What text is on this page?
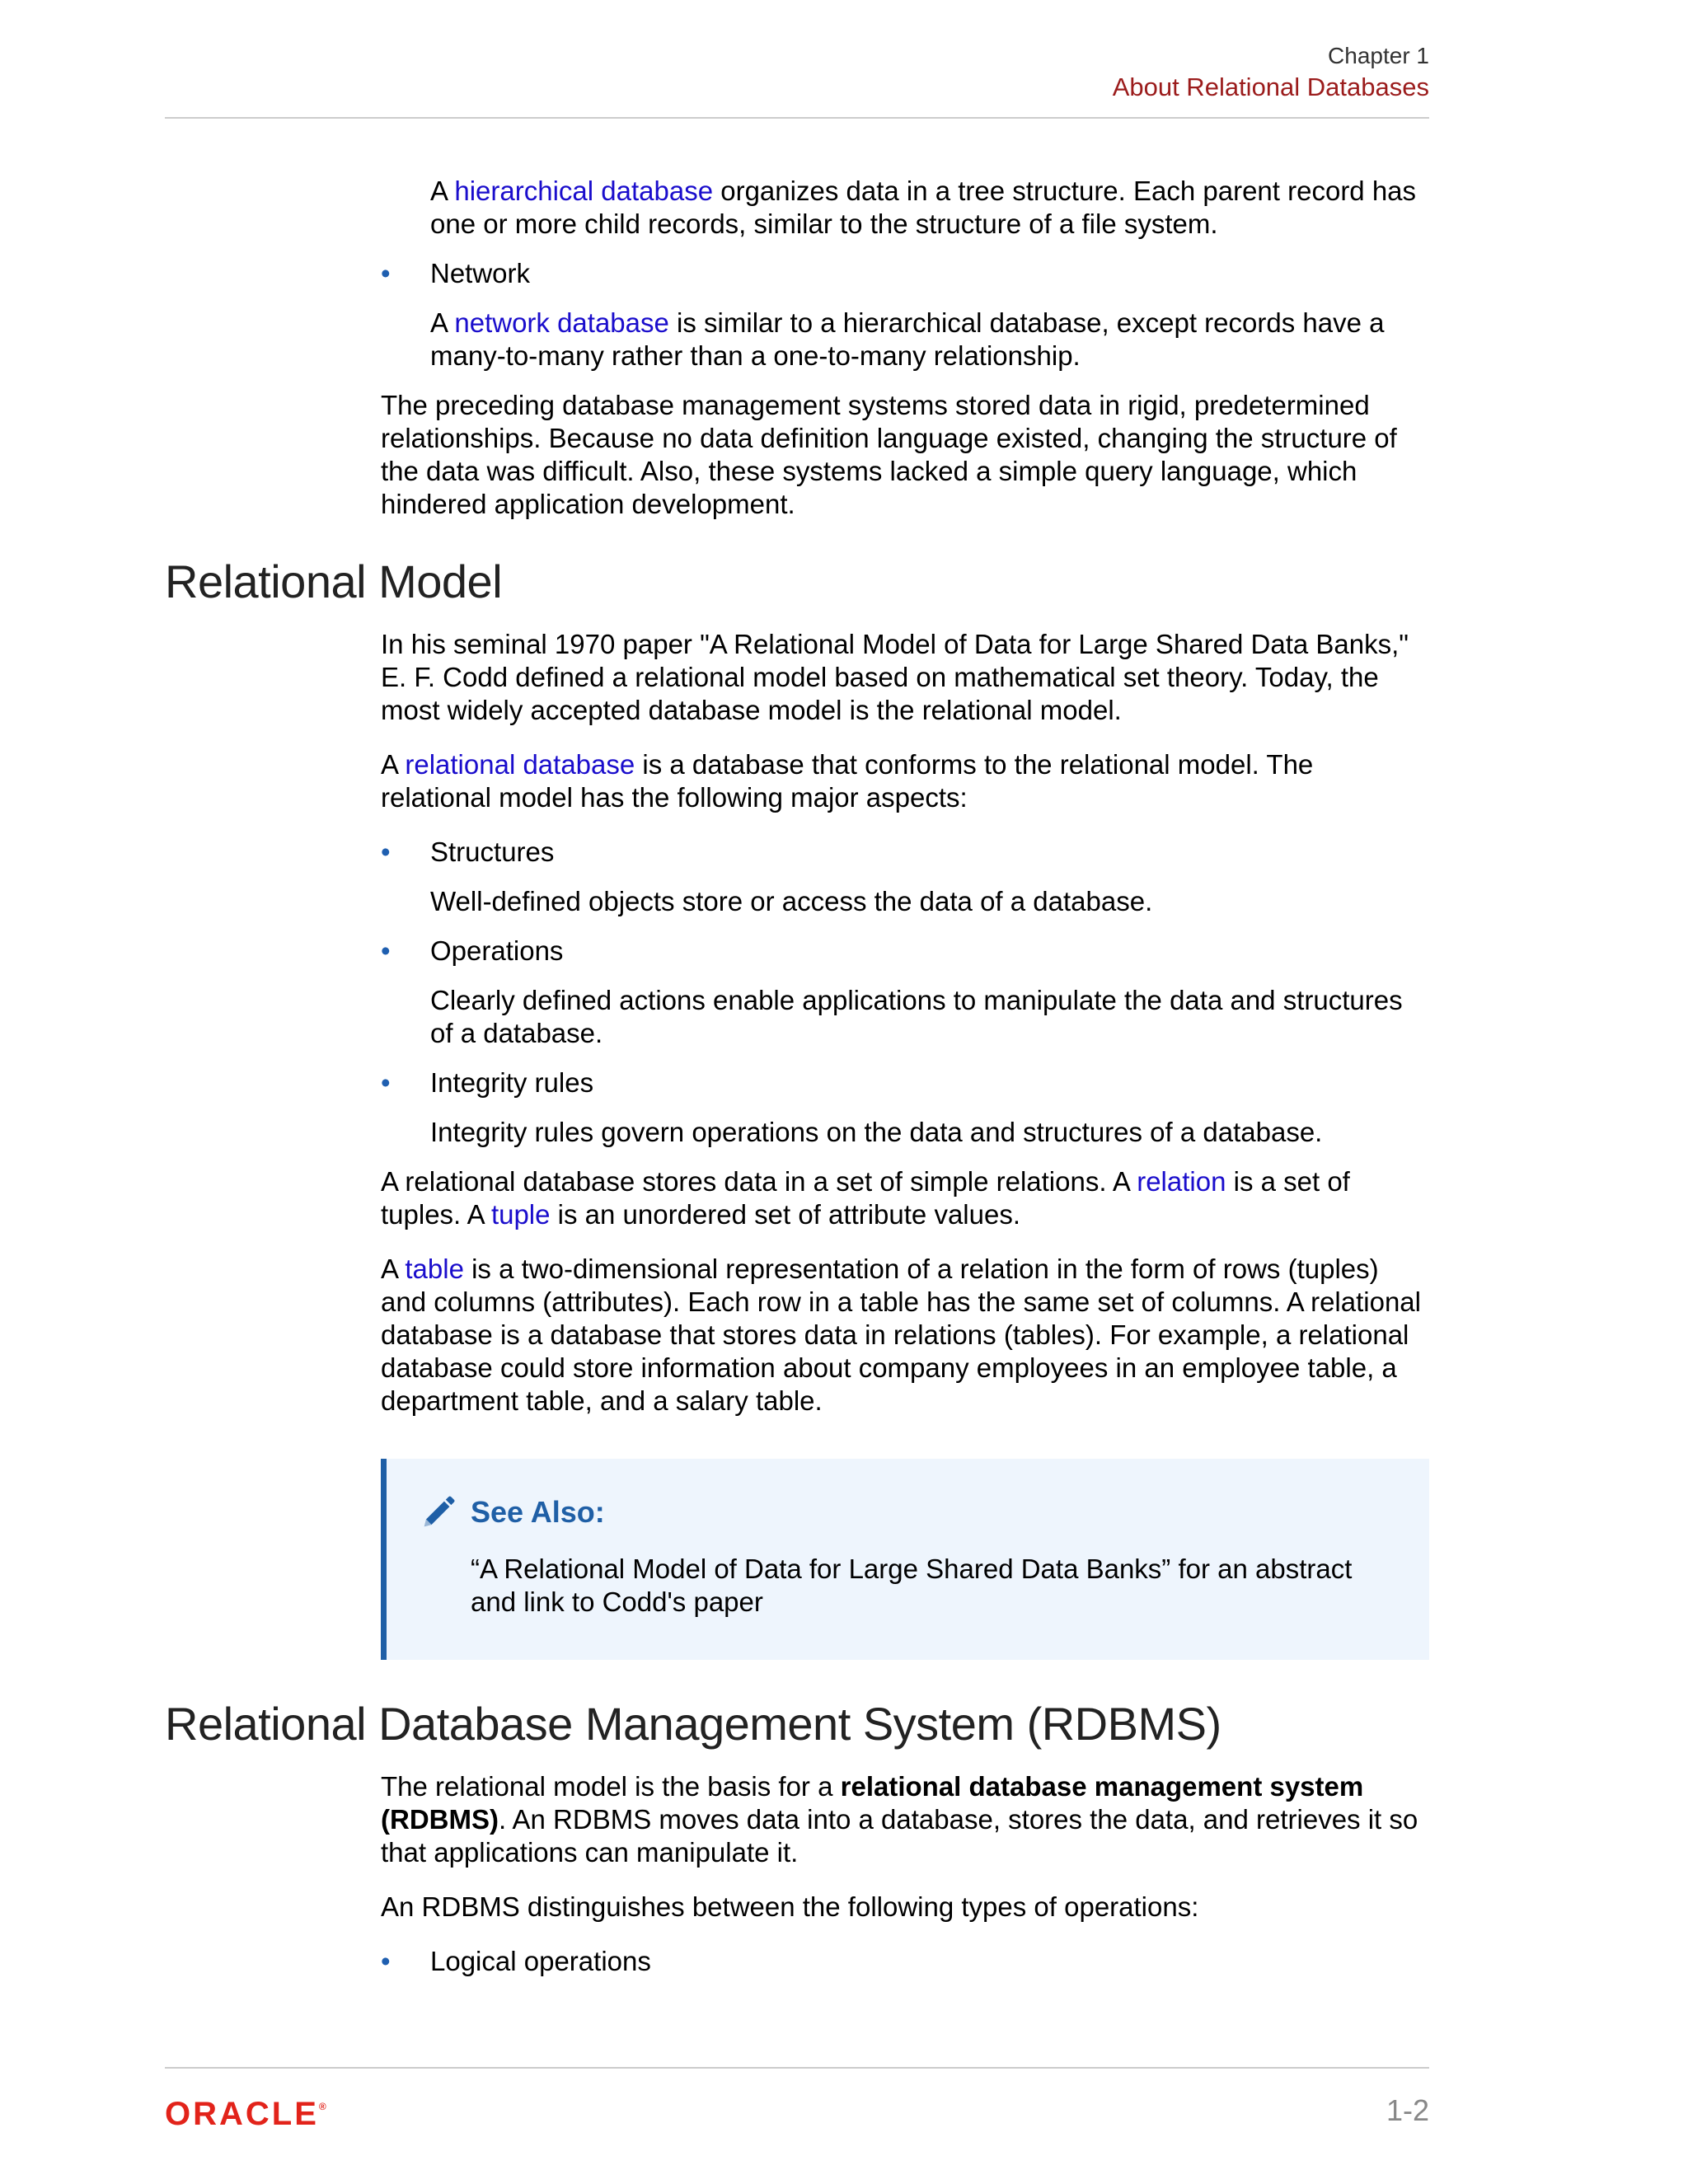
Chapter 1
About Relational Databases

A hierarchical database organizes data in a tree structure. Each parent record has one or more child records, similar to the structure of a file system.

• Network

A network database is similar to a hierarchical database, except records have a many-to-many rather than a one-to-many relationship.

The preceding database management systems stored data in rigid, predetermined relationships. Because no data definition language existed, changing the structure of the data was difficult. Also, these systems lacked a simple query language, which hindered application development.

Relational Model

In his seminal 1970 paper "A Relational Model of Data for Large Shared Data Banks," E. F. Codd defined a relational model based on mathematical set theory. Today, the most widely accepted database model is the relational model.

A relational database is a database that conforms to the relational model. The relational model has the following major aspects:

• Structures

Well-defined objects store or access the data of a database.

• Operations

Clearly defined actions enable applications to manipulate the data and structures of a database.

• Integrity rules

Integrity rules govern operations on the data and structures of a database.

A relational database stores data in a set of simple relations. A relation is a set of tuples. A tuple is an unordered set of attribute values.

A table is a two-dimensional representation of a relation in the form of rows (tuples) and columns (attributes). Each row in a table has the same set of columns. A relational database is a database that stores data in relations (tables). For example, a relational database could store information about company employees in an employee table, a department table, and a salary table.

See Also:

“A Relational Model of Data for Large Shared Data Banks” for an abstract and link to Codd's paper

Relational Database Management System (RDBMS)

The relational model is the basis for a relational database management system (RDBMS). An RDBMS moves data into a database, stores the data, and retrieves it so that applications can manipulate it.

An RDBMS distinguishes between the following types of operations:

• Logical operations
ORACLE®	1-2
